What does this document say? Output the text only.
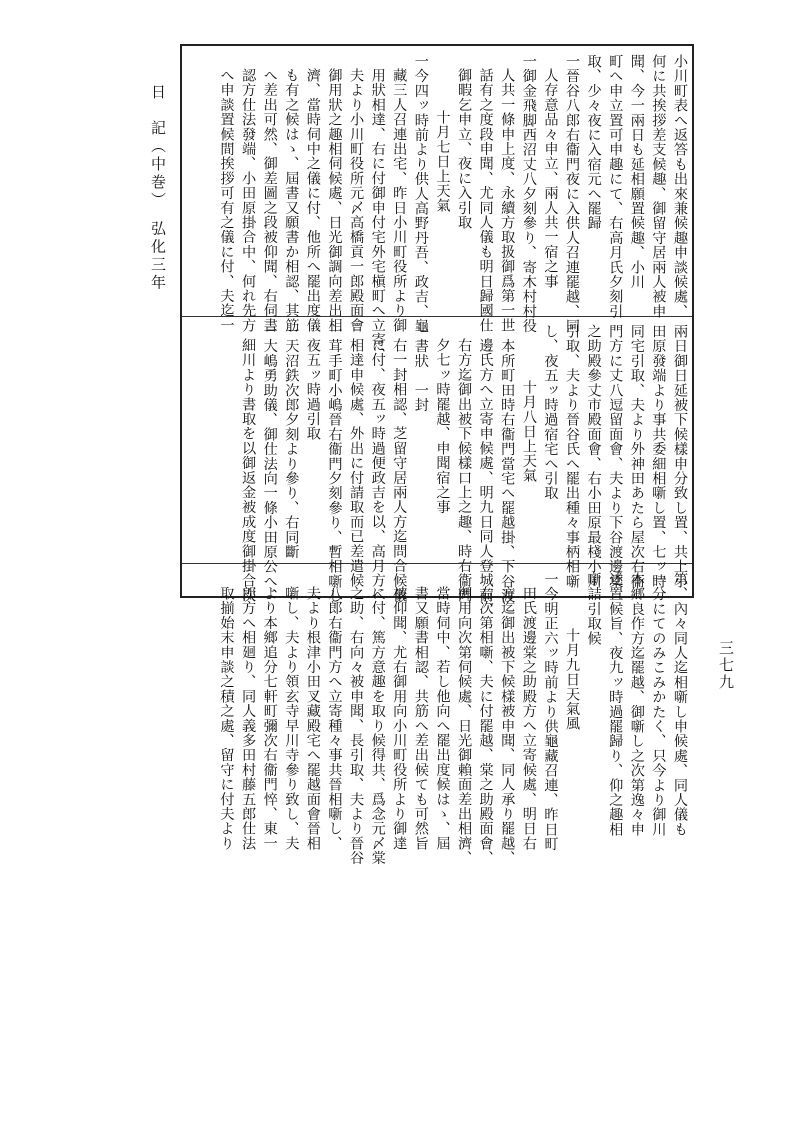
日　記（中巻）　弘化三年
三七九

小川町表へ返答も出來兼候趣申談候處、

何に共挨拶差支候趣、御留守居兩人被申

聞、今一兩日も延相願置候趣、小川

町へ申立置可申趣にて、右高月氏夕刻引

取、少々夜に入宿元へ罷歸

一晉谷八郎右衞門夜に入供人召連罷越、同

人存意品々申立、兩人共一宿之事

一御金飛脚西沼丈八夕刻參り、寄木村村役

人共一條申上度、永續方取扱御爲第一世

話有之度段申聞、尤同人儀も明日歸國仕

御暇乞申立、夜に入引取

十月七日上天氣

一今四ッ時前より供人高野丹吾、政吉、龜

藏三人召連出宅、昨日小川町役所より御

用狀相達、右に付御申付宅外宅槇町へ立寄、

夫より小川町役所元〆高橋貢一郎殿面會

御用狀之趣相伺候處、日光御調向差出相

濟、當時伺中之儀に付、他所へ罷出度儀

も有之候はゝ、屆書又願書か相認、其筋

へ差出可然、御差圖之段被仰聞、右伺書

認方仕法發端、小田原掛合中、何れ先方

へ申談置候間挨拶可有之儀に付、夫迄一

兩日御日延被下候樣申分致し置、共上小

田原發端より事共委細相噺し置、七ッ時

同宅引取、夫より外神田あたら屋次右衞

門方に丈八逗留面會、夫より下谷渡邊棠

之助殿參丈市殿面會、右小田原最棧小川

引取、夫より晉谷氏へ罷出種々事柄相噺

し、夜五ッ時過宿宅へ引取

十月八日上天氣

一本所町田時右衞門當宅へ罷越掛、下谷渡

邊氏方へ立寄申候處、明九日同人登城前、

右方迄御出被下候樣口上之趣、時右衞門

夕七ッ時罷越、申聞宿之事

一書狀　一封

右一封相認、芝留守居兩人方迄問合候儀

に付、夜五ッ時過便政吉を以、高月方へ

相達申候處、外出に付請取而已差遣候

一茸手町小嶋晉右衞門夕刻參り、暫相噺し

夜五ッ時過引取

一天沼鉄次郎夕刻より參り、右同斷

一大嶋勇助儀、御仕法向一條小田原公へ、

細川より書取を以御返金被成度御掛合次

第、內々同人迄相噺し申候處、同人儀も

一分にてのみこみかたく、只今より御川

本鄉良作方迄罷越、御噺し之次第逸々申

述置候旨、夜九ッ時過罷歸り、仰之趣相

噺詰引取候

十月九日天氣風

一今明正六ッ時前より供龜藏召連、昨日町

田氏渡邊棠之助殿方へ立寄候處、明日右

方迄御出被下候樣被申聞、同人承り罷越、

右次第相噺、夫に付罷越、棠之助殿面會、

御用向次第伺候處、日光御賴面差出相濟、

當時伺中、若し他向へ罷出度候はゝ、屆

書又願書相認、共筋へ差出候ても可然旨

被仰聞、尤右御用向小川町役所より御達

に付、篤方意趣を取り候得共、爲念元〆棠

之助、右向々被申聞、長引取、夫より晉谷

八郎右衞門方へ立寄種々事共晉相噺し、

夫より根津小田叉藏殿宅へ罷越面會晉相

噺し、夫より領玄寺早川寺參り致し、夫

より本鄉追分七軒町彌次右衞門悴、東一

郎方へ相廻り、同人義多田村藤五郎仕法

取揃始末申談之積之處、留守に付夫より
